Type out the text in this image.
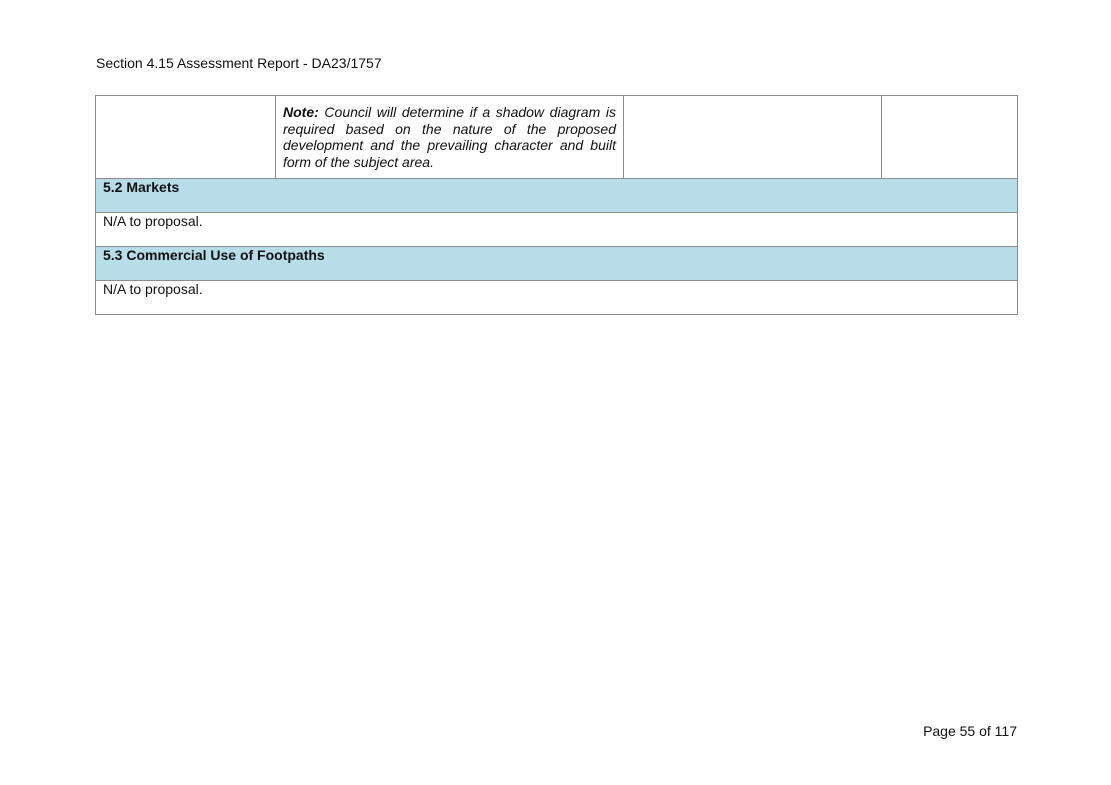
Section 4.15 Assessment Report - DA23/1757
	Note: Council will determine if a shadow diagram is required based on the nature of the proposed development and the prevailing character and built form of the subject area.		
5.2 Markets
N/A to proposal.
5.3 Commercial Use of Footpaths
N/A to proposal.
Page 55 of 117
